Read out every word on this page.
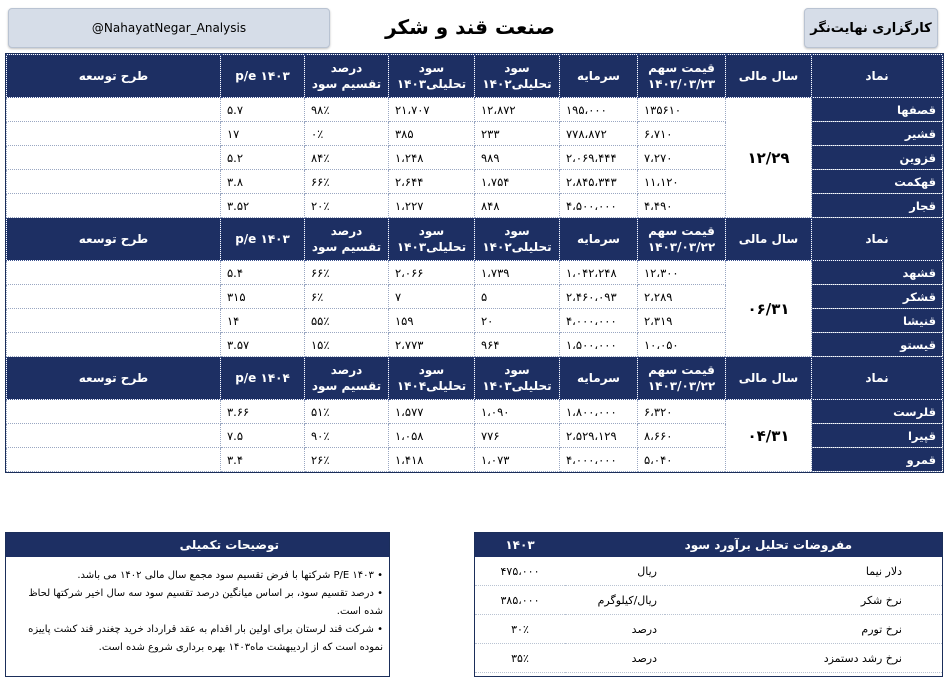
@NahayatNegar_Analysis	صنعت قند و شکر	کارگزاری نهایت‌نگر
طرح توسعه	p/e ۱۴۰۳	درصد تقسیم سود	سود تحلیلی۱۴۰۳	سود تحلیلی۱۴۰۲	سرمایه	قیمت سهم ۱۴۰۳/۰۳/۲۳	سال مالی	نماد
	۵.۷	۹۸٪	۲۱،۷۰۷	۱۲،۸۷۲	۱۹۵،۰۰۰	۱۳۵۶۱۰	۱۲/۲۹	قصفها
	۱۷	۰٪	۳۸۵	۲۳۳	۷۷۸،۸۷۲	۶،۷۱۰		قشیر
	۵.۲	۸۴٪	۱،۲۴۸	۹۸۹	۲،۰۶۹،۴۴۴	۷،۲۷۰		قزوین
	۳.۸	۶۶٪	۲،۶۴۴	۱،۷۵۴	۲،۸۴۵،۳۴۳	۱۱،۱۲۰		قهکمت
	۳.۵۲	۲۰٪	۱،۲۲۷	۸۴۸	۴،۵۰۰،۰۰۰	۴،۴۹۰		قجار
طرح توسعه	p/e ۱۴۰۳	درصد تقسیم سود	سود تحلیلی۱۴۰۳	سود تحلیلی۱۴۰۲	سرمایه	قیمت سهم ۱۴۰۳/۰۳/۲۲	سال مالی	نماد
	۵.۴	۶۶٪	۲،۰۶۶	۱،۷۳۹	۱،۰۴۲،۲۴۸	۱۲،۳۰۰	۰۶/۳۱	قشهد
	۳۱۵	۶٪	۷	۵	۲،۴۶۰،۰۹۳	۲،۲۸۹		قشکر
	۱۴	۵۵٪	۱۵۹	۲۰	۴،۰۰۰،۰۰۰	۲،۳۱۹		قنیشا
	۳.۵۷	۱۵٪	۲،۷۷۳	۹۶۴	۱،۵۰۰،۰۰۰	۱۰،۰۵۰		قیستو
طرح توسعه	p/e ۱۴۰۴	درصد تقسیم سود	سود تحلیلی۱۴۰۴	سود تحلیلی۱۴۰۳	سرمایه	قیمت سهم ۱۴۰۳/۰۳/۲۲	سال مالی	نماد
	۳.۶۶	۵۱٪	۱،۵۷۷	۱،۰۹۰	۱،۸۰۰،۰۰۰	۶،۳۲۰	۰۴/۳۱	قلرست
	۷.۵	۹۰٪	۱،۰۵۸	۷۷۶	۲،۵۲۹،۱۲۹	۸،۶۶۰		قپیرا
	۳.۴	۲۶٪	۱،۴۱۸	۱،۰۷۳	۴،۰۰۰،۰۰۰	۵،۰۴۰		قمرو
توضیحات تکمیلی
• P/E ۱۴۰۳ شرکتها با فرض تقسیم سود مجمع سال مالی ۱۴۰۲ می باشد.
• درصد تقسیم سود، بر اساس میانگین درصد تقسیم سود سه سال اخیر شرکتها لحاظ شده است.
• شرکت قند لرستان برای اولین بار اقدام به عقد قرارداد خرید چغندر قند کشت پاییزه نموده است که از اردیبهشت ماه۱۴۰۳ بهره برداری شروع شده است.
۱۴۰۳	مفروضات تحلیل برآورد سود
۴۷۵،۰۰۰	ریال	دلار نیما
۳۸۵،۰۰۰	ریال/کیلوگرم	نرخ شکر
۳۰٪	درصد	نرخ تورم
۳۵٪	درصد	نرخ رشد دستمزد
